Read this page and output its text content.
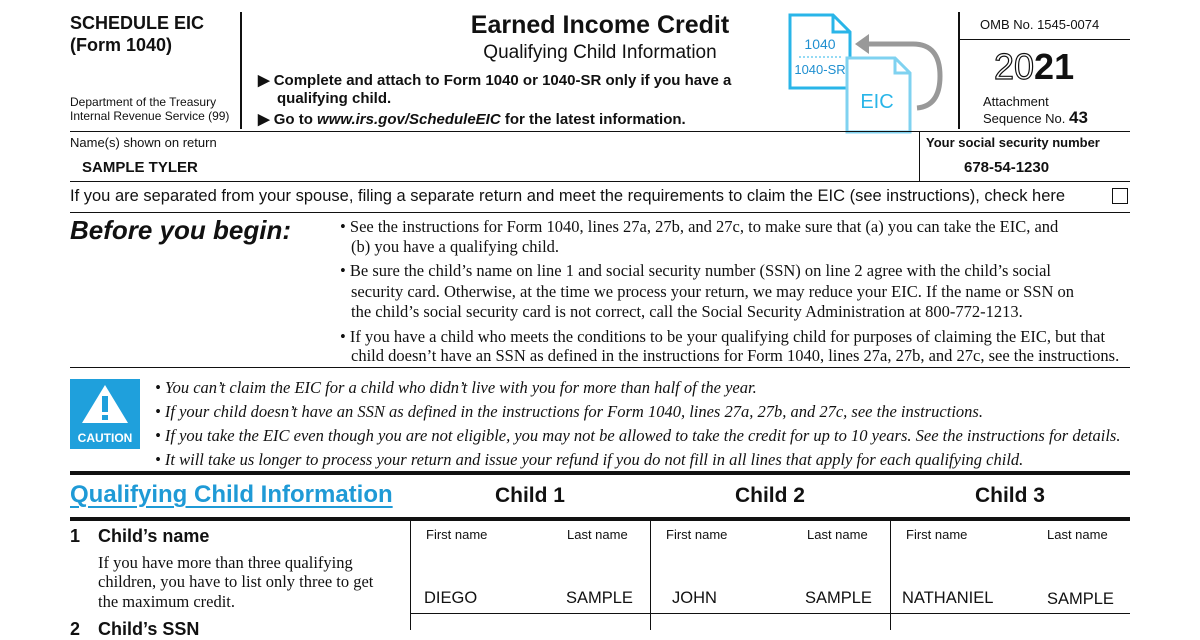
SCHEDULE EIC
(Form 1040)
Department of the Treasury
Internal Revenue Service (99)
Earned Income Credit
Qualifying Child Information
▶ Complete and attach to Form 1040 or 1040-SR only if you have a
qualifying child.
▶ Go to www.irs.gov/ScheduleEIC for the latest information.
1040
1040-SR
EIC
OMB No. 1545-0074
2021
Attachment
Sequence No. 43
Name(s) shown on return
SAMPLE TYLER
Your social security number
678-54-1230
If you are separated from your spouse, filing a separate return and meet the requirements to claim the EIC (see instructions), check here
Before you begin:	• See the instructions for Form 1040, lines 27a, 27b, and 27c, to make sure that (a) you can take the EIC, and
(b) you have a qualifying child.
• Be sure the child’s name on line 1 and social security number (SSN) on line 2 agree with the child’s social
security card. Otherwise, at the time we process your return, we may reduce your EIC. If the name or SSN on
the child’s social security card is not correct, call the Social Security Administration at 800-772-1213.
• If you have a child who meets the conditions to be your qualifying child for purposes of claiming the EIC, but that
child doesn’t have an SSN as defined in the instructions for Form 1040, lines 27a, 27b, and 27c, see the instructions.
CAUTION
• You can’t claim the EIC for a child who didn’t live with you for more than half of the year.
• If your child doesn’t have an SSN as defined in the instructions for Form 1040, lines 27a, 27b, and 27c, see the instructions.
• If you take the EIC even though you are not eligible, you may not be allowed to take the credit for up to 10 years. See the instructions for details.
• It will take us longer to process your return and issue your refund if you do not fill in all lines that apply for each qualifying child.
Qualifying Child Information	Child 1	Child 2	Child 3
1 Child’s name
If you have more than three qualifying
children, you have to list only three to get
the maximum credit.
First name	Last name
DIEGO	SAMPLE
First name	Last name
JOHN	SAMPLE
First name	Last name
NATHANIEL	SAMPLE
2 Child’s SSN
